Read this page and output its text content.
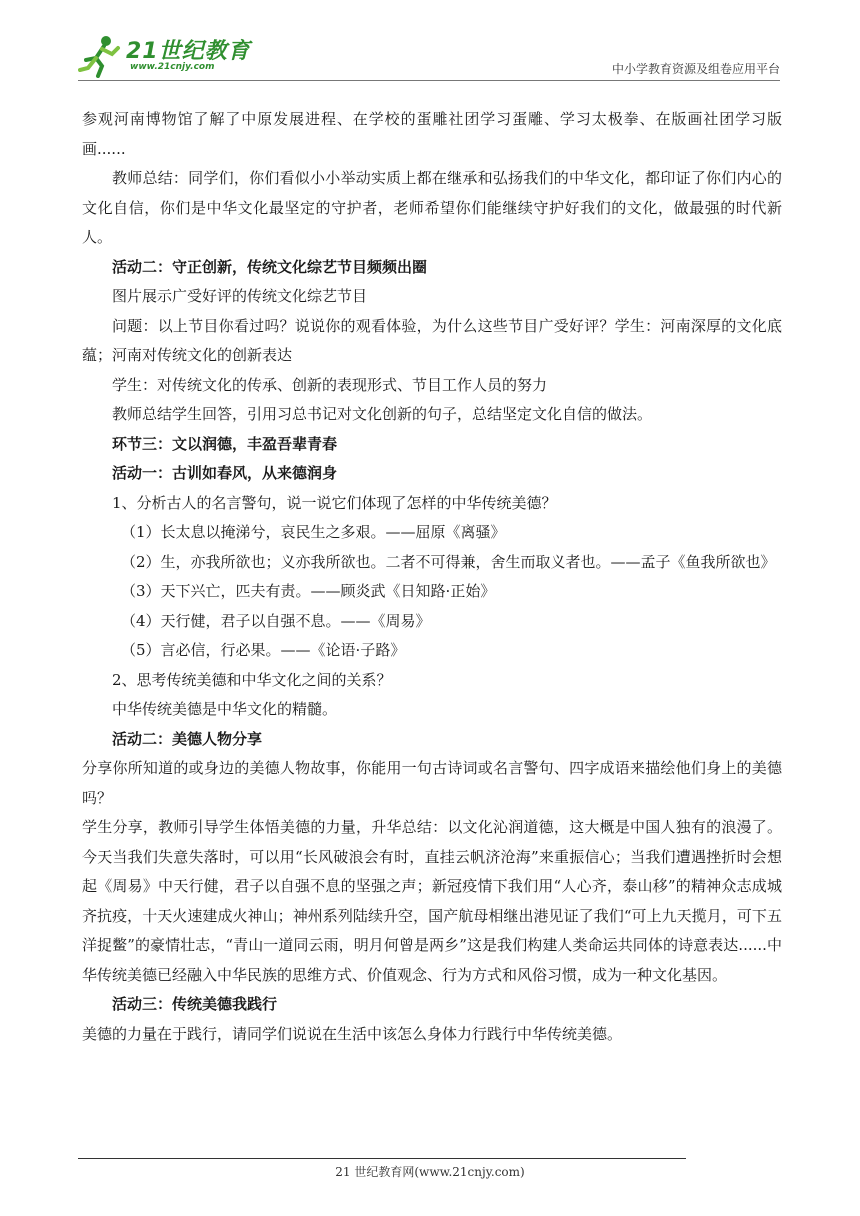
21世纪教育
www.21cnjy.com	中小学教育资源及组卷应用平台

参观河南博物馆了解了中原发展进程、在学校的蛋雕社团学习蛋雕、学习太极拳、在版画社团学习版画......

教师总结：同学们，你们看似小小举动实质上都在继承和弘扬我们的中华文化，都印证了你们内心的文化自信，你们是中华文化最坚定的守护者，老师希望你们能继续守护好我们的文化，做最强的时代新人。

活动二：守正创新，传统文化综艺节目频频出圈

图片展示广受好评的传统文化综艺节目

问题：以上节目你看过吗？说说你的观看体验，为什么这些节目广受好评？学生：河南深厚的文化底蕴；河南对传统文化的创新表达

学生：对传统文化的传承、创新的表现形式、节目工作人员的努力

教师总结学生回答，引用习总书记对文化创新的句子，总结坚定文化自信的做法。

环节三：文以润德，丰盈吾辈青春

活动一：古训如春风，从来德润身

1、分析古人的名言警句，说一说它们体现了怎样的中华传统美德？

（1）长太息以掩涕兮，哀民生之多艰。——屈原《离骚》

（2）生，亦我所欲也；义亦我所欲也。二者不可得兼，舍生而取义者也。——孟子《鱼我所欲也》

（3）天下兴亡，匹夫有责。——顾炎武《日知路·正始》

（4）天行健，君子以自强不息。——《周易》

（5）言必信，行必果。——《论语·子路》

2、思考传统美德和中华文化之间的关系？

中华传统美德是中华文化的精髓。

活动二：美德人物分享

分享你所知道的或身边的美德人物故事，你能用一句古诗词或名言警句、四字成语来描绘他们身上的美德吗？

学生分享，教师引导学生体悟美德的力量，升华总结：以文化沁润道德，这大概是中国人独有的浪漫了。今天当我们失意失落时，可以用“长风破浪会有时，直挂云帆济沧海”来重振信心；当我们遭遇挫折时会想起《周易》中天行健，君子以自强不息的坚强之声；新冠疫情下我们用“人心齐，泰山移”的精神众志成城齐抗疫，十天火速建成火神山；神州系列陆续升空，国产航母相继出港见证了我们“可上九天揽月，可下五洋捉鳖”的豪情壮志，“青山一道同云雨，明月何曾是两乡”这是我们构建人类命运共同体的诗意表达......中华传统美德已经融入中华民族的思维方式、价值观念、行为方式和风俗习惯，成为一种文化基因。

活动三：传统美德我践行

美德的力量在于践行，请同学们说说在生活中该怎么身体力行践行中华传统美德。

21 世纪教育网(www.21cnjy.com)
